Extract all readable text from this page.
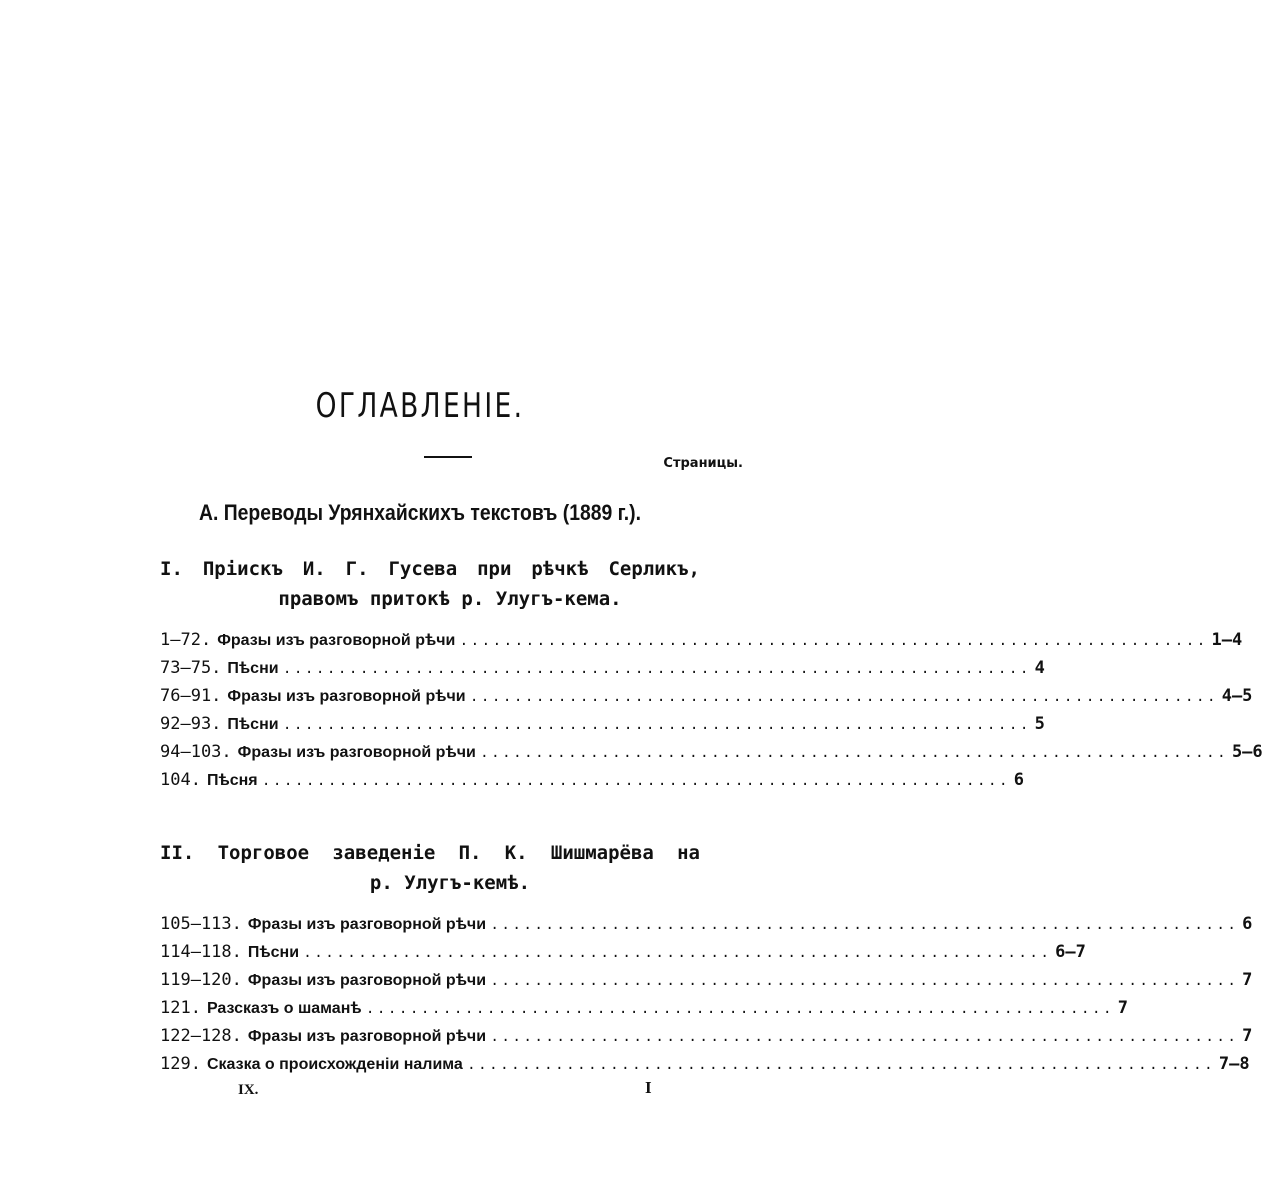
ОГЛАВЛЕНІЕ.
Страницы.
А. Переводы Урянхайскихъ текстовъ (1889 г.).
I. Пріискъ И. Г. Гусева при рѣчкѣ Серликъ,
правомъ притокѣ р. Улугъ-кема.
1—72. Фразы изъ разговорной рѣчи .................................................................... 1—4
73—75. Пѣсни .................................................................... 4
76—91. Фразы изъ разговорной рѣчи .................................................................... 4—5
92—93. Пѣсни .................................................................... 5
94—103. Фразы изъ разговорной рѣчи .................................................................... 5—6
104. Пѣсня .................................................................... 6
II. Торговое заведеніе П. К. Шишмарёва на
р. Улугъ-кемѣ.
105—113. Фразы изъ разговорной рѣчи .................................................................... 6
114—118. Пѣсни .................................................................... 6—7
119—120. Фразы изъ разговорной рѣчи .................................................................... 7
121. Разсказъ о шаманѣ .................................................................... 7
122—128. Фразы изъ разговорной рѣчи .................................................................... 7
129. Сказка о происхожденіи налима .................................................................... 7—8
IX.	I
